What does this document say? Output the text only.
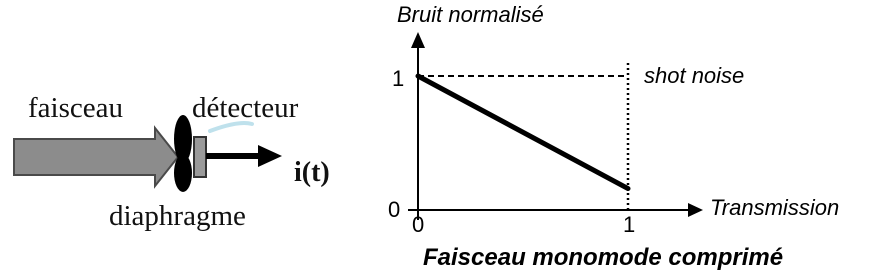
faisceau détecteur
diaphragme
i(t)
Bruit normalisé
Transmission
shot noise
1
0
0	1
Faisceau monomode comprimé
